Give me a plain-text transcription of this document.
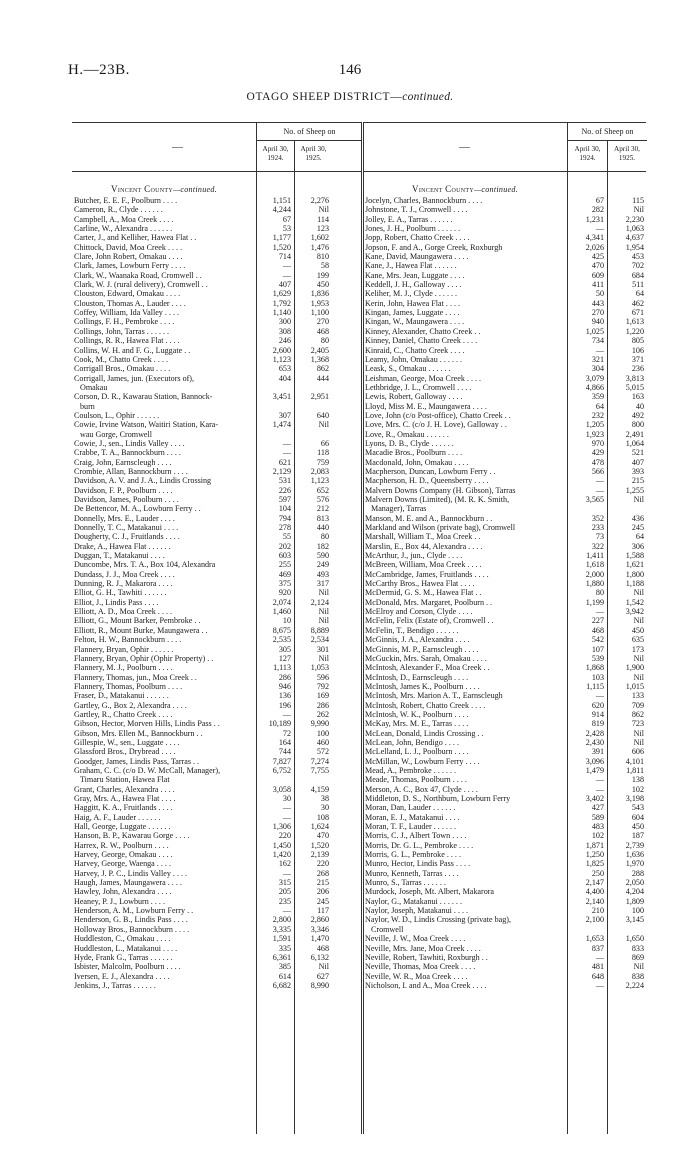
H.—23B.	146
OTAGO SHEEP DISTRICT—continued.
—
No. of Sheep on
April 30, 1924.
April 30, 1925.
—
No. of Sheep on
April 30, 1924.
April 30, 1925.
Vincent County—continued.	Vincent County—continued.
Butcher, E. E. F., Poolburn . . . .	1,151	2,276
Cameron, R., Clyde . . . . . .	4,244	Nil
Campbell, A., Moa Creek . . . .	67	114
Carline, W., Alexandra . . . . . .	53	123
Carter, J., and Kelliher, Hawea Flat . .	1,177	1,602
Chittock, David, Moa Creek . . . .	1,520	1,476
Clare, John Robert, Omakau . . . .	714	810
Clark, James, Lowburn Ferry . . . .	—	58
Clark, W., Waanaka Road, Cromwell . .	—	199
Clark, W. J. (rural delivery), Cromwell . .	407	450
Clouston, Edward, Omakau . . . .	1,629	1,836
Clouston, Thomas A., Lauder . . . .	1,792	1,953
Coffey, William, Ida Valley . . . .	1,140	1,100
Collings, F. H., Pembroke . . . .	300	270
Collings, John, Tarras . . . . . .	308	468
Collings, R. R., Hawea Flat . . . .	246	80
Collins, W. H. and F. G., Luggate . .	2,600	2,405
Cook, M., Chatto Creek . . . .	1,123	1,368
Corrigall Bros., Omakau . . . .	653	862
Corrigall, James, jun. (Executors of),	404	444
Omakau
Corson, D. R., Kawarau Station, Bannock-	3,451	2,951
burn
Coulson, L., Ophir . . . . . .	307	640
Cowie, Irvine Watson, Waitiri Station, Kara-	1,474	Nil
wau Gorge, Cromwell
Cowie, J., sen., Lindis Valley . . . .	—	66
Crabbe, T. A., Bannockburn . . . .	—	118
Craig, John, Earnscleugh . . . .	621	759
Crombie, Allan, Bannockburn . . . .	2,129	2,083
Davidson, A. V. and J. A., Lindis Crossing	531	1,123
Davidson, F. P., Poolburn . . . .	226	652
Davidson, James, Poolburn . . . .	597	576
De Bettencor, M. A., Lowburn Ferry . .	104	212
Donnelly, Mrs. E., Lauder . . . .	794	813
Donnelly, T. C., Matakanui . . . .	278	440
Dougherty, C. J., Fruitlands . . . .	55	80
Drake, A., Hawea Flat . . . . . .	202	182
Duggan, T., Matakanui . . . .	603	590
Duncombe, Mrs. T. A., Box 104, Alexandra	255	249
Dundass, J. J., Moa Creek . . . .	469	493
Dunning, R. J., Makarora . . . .	375	317
Elliot, G. H., Tawhiti . . . . . .	920	Nil
Elliot, J., Lindis Pass . . . .	2,074	2,124
Elliott, A. D., Moa Creek . . . .	1,460	Nil
Elliott, G., Mount Barker, Pembroke . .	10	Nil
Elliott, R., Mount Burke, Maungawera . .	8,675	8,889
Felton, H. W., Bannockburn . . . .	2,535	2,534
Flannery, Bryan, Ophir . . . . . .	305	301
Flannery, Bryan, Ophir (Ophir Property) . .	127	Nil
Flannery, M. J., Poolburn . . . .	1,113	1,053
Flannery, Thomas, jun., Moa Creek . .	286	596
Flannery, Thomas, Poolburn . . . .	946	792
Fraser, D., Matakanui . . . . . .	136	169
Gartley, G., Box 2, Alexandra . . . .	196	286
Gartley, R., Chatto Creek . . . .	—	262
Gibson, Hector, Morven Hills, Lindis Pass . .	10,189	9,990
Gibson, Mrs. Ellen M., Bannockburn . .	72	100
Gillespie, W., sen., Luggate . . . .	164	460
Glassford Bros., Drybread . . . .	744	572
Goodger, James, Lindis Pass, Tarras . .	7,827	7,274
Graham, C. C. (c/o D. W. McCall, Manager),	6,752	7,755
Timaru Station, Hawea Flat
Grant, Charles, Alexandra . . . .	3,058	4,159
Gray, Mrs. A., Hawea Flat . . . .	30	38
Haggitt, K. A., Fruitlands . . . .	—	30
Haig, A. F., Lauder . . . . . .	—	108
Hall, George, Luggate . . . . . .	1,306	1,624
Hanson, B. P., Kawarau Gorge . . . .	220	470
Harrex, R. W., Poolburn . . . .	1,450	1,520
Harvey, George, Omakau . . . .	1,420	2,139
Harvey, George, Waenga . . . .	162	220
Harvey, J. P. C., Lindis Valley . . . .	—	268
Haugh, James, Maungawera . . . .	315	215
Hawley, John, Alexandra . . . .	205	206
Heaney, P. J., Lowburn . . . .	235	245
Henderson, A. M., Lowburn Ferry . .	—	117
Henderson, G. B., Lindis Pass . . . .	2,800	2,860
Holloway Bros., Bannockburn . . . .	3,335	3,346
Huddleston, C., Omakau . . . .	1,591	1,470
Huddleston, L., Matakanui . . . .	335	468
Hyde, Frank G., Tarras . . . . . .	6,361	6,132
Isbister, Malcolm, Poolburn . . . .	385	Nil
Iversen, E. J., Alexandra . . . .	614	627
Jenkins, J., Tarras . . . . . .	6,682	8,990
Jocelyn, Charles, Bannockburn . . . .	67	115
Johnstone, T. J., Cromwell . . . .	282	Nil
Jolley, E. A., Tarras . . . . . .	1,231	2,230
Jones, J. H., Poolburn . . . . . .	—	1,063
Jopp, Robert, Chatto Creek . . . .	4,341	4,637
Jopson, F. and A., Gorge Creek, Roxburgh	2,026	1,954
Kane, David, Maungawera . . . .	425	453
Kane, J., Hawea Flat . . . . . .	470	702
Kane, Mrs. Jean, Luggate . . . .	609	684
Keddell, J. H., Galloway . . . .	411	511
Keliher, M. J., Clyde . . . . . .	50	64
Kerin, John, Hawea Flat . . . .	443	462
Kingan, James, Luggate . . . .	270	671
Kingan, W., Maungawera . . . .	940	1,613
Kinney, Alexander, Chatto Creek . .	1,025	1,220
Kinney, Daniel, Chatto Creek . . . .	734	805
Kinraid, C., Chatto Creek . . . .	—	106
Leamy, John, Omakau . . . . . .	321	371
Leask, S., Omakau . . . . . .	304	236
Leishman, George, Moa Creek . . . .	3,079	3,813
Lethbridge, J. L., Cromwell . . . .	4,866	5,015
Lewis, Robert, Galloway . . . .	359	163
Lloyd, Miss M. E., Maungawera . . . .	64	40
Love, John (c/o Post-office), Chatto Creek . .	232	492
Love, Mrs. C. (c/o J. H. Love), Galloway . .	1,205	800
Love, R., Omakau . . . . . .	1,923	2,491
Lyons, D. B., Clyde . . . . . .	970	1,064
Macadie Bros., Poolburn . . . .	429	521
Macdonald, John, Omakau . . . .	478	407
Macpherson, Duncan, Lowburn Ferry . .	566	393
Macpherson, H. D., Queensberry . . . .	—	215
Malvern Downs Company (H. Gibson), Tarras	—	1,255
Malvern Downs (Limited), (M. R. K. Smith,	3,565	Nil
Manager), Tarras
Manson, M. E. and A., Bannockburn . .	352	436
Markland and Wilson (private bag), Cromwell	233	245
Marshall, William T., Moa Creek . .	73	64
Marslin, E., Box 44, Alexandra . . . .	322	306
McArthur, J., jun., Clyde . . . .	1,411	1,588
McBreen, William, Moa Creek . . . .	1,618	1,621
McCambridge, James, Fruitlands . . . .	2,000	1,800
McCarthy Bros., Hawea Flat . . . .	1,880	1,188
McDermid, G. S. M., Hawea Flat . .	80	Nil
McDonald, Mrs. Margaret, Poolburn . .	1,199	1,542
McElroy and Corson, Clyde . . . .	—	3,942
McFelin, Felix (Estate of), Cromwell . .	227	Nil
McFelin, T., Bendigo . . . . . .	468	450
McGinnis, J. A., Alexandra . . . .	542	635
McGinnis, M. P., Earnscleugh . . . .	107	173
McGuckin, Mrs. Sarah, Omakau . . . .	539	Nil
McIntosh, Alexander F., Moa Creek . .	1,868	1,900
McIntosh, D., Earnscleugh . . . .	103	Nil
McIntosh, James K., Poolburn . . . .	1,115	1,015
McIntosh, Mrs. Marion A. T., Earnscleugh	—	133
McIntosh, Robert, Chatto Creek . . . .	620	709
McIntosh, W. K., Poolburn . . . .	914	862
McKay, Mrs. M. E., Tarras . . . .	819	723
McLean, Donald, Lindis Crossing . .	2,428	Nil
McLean, John, Bendigo . . . .	2,430	Nil
McLelland, L. J., Poolburn . . . .	391	606
McMillan, W., Lowburn Ferry . . . .	3,096	4,101
Mead, A., Pembroke . . . . . .	1,479	1,811
Meade, Thomas, Poolburn . . . .	—	138
Merson, A. C., Box 47, Clyde . . . .	—	102
Middleton, D. S., Northburn, Lowburn Ferry	3,402	3,198
Moran, Dan, Lauder . . . . . .	427	543
Moran, E. J., Matakanui . . . .	589	604
Moran, T. F., Lauder . . . . . .	483	450
Morris, C. J., Albert Town . . . .	102	187
Morris, Dr. G. L., Pembroke . . . .	1,871	2,739
Morris, G. L., Pembroke . . . .	1,250	1,636
Munro, Hector, Lindis Pass . . . .	1,825	1,970
Munro, Kenneth, Tarras . . . .	250	288
Munro, S., Tarras . . . . . .	2,147	2,050
Murdock, Joseph, Mt. Albert, Makarora	4,400	4,204
Naylor, G., Matakanui . . . . . .	2,140	1,809
Naylor, Joseph, Matakanui . . . .	210	100
Naylor, W. D., Lindis Crossing (private bag),	2,100	3,145
Cromwell
Neville, J. W., Moa Creek . . . .	1,653	1,650
Neville, Mrs. Jane, Moa Creek . . . .	837	833
Neville, Robert, Tawhiti, Roxburgh . .	—	869
Neville, Thomas, Moa Creek . . . .	481	Nil
Neville, W. R., Moa Creek . . . .	648	838
Nicholson, I. and A., Moa Creek . . . .	—	2,224
